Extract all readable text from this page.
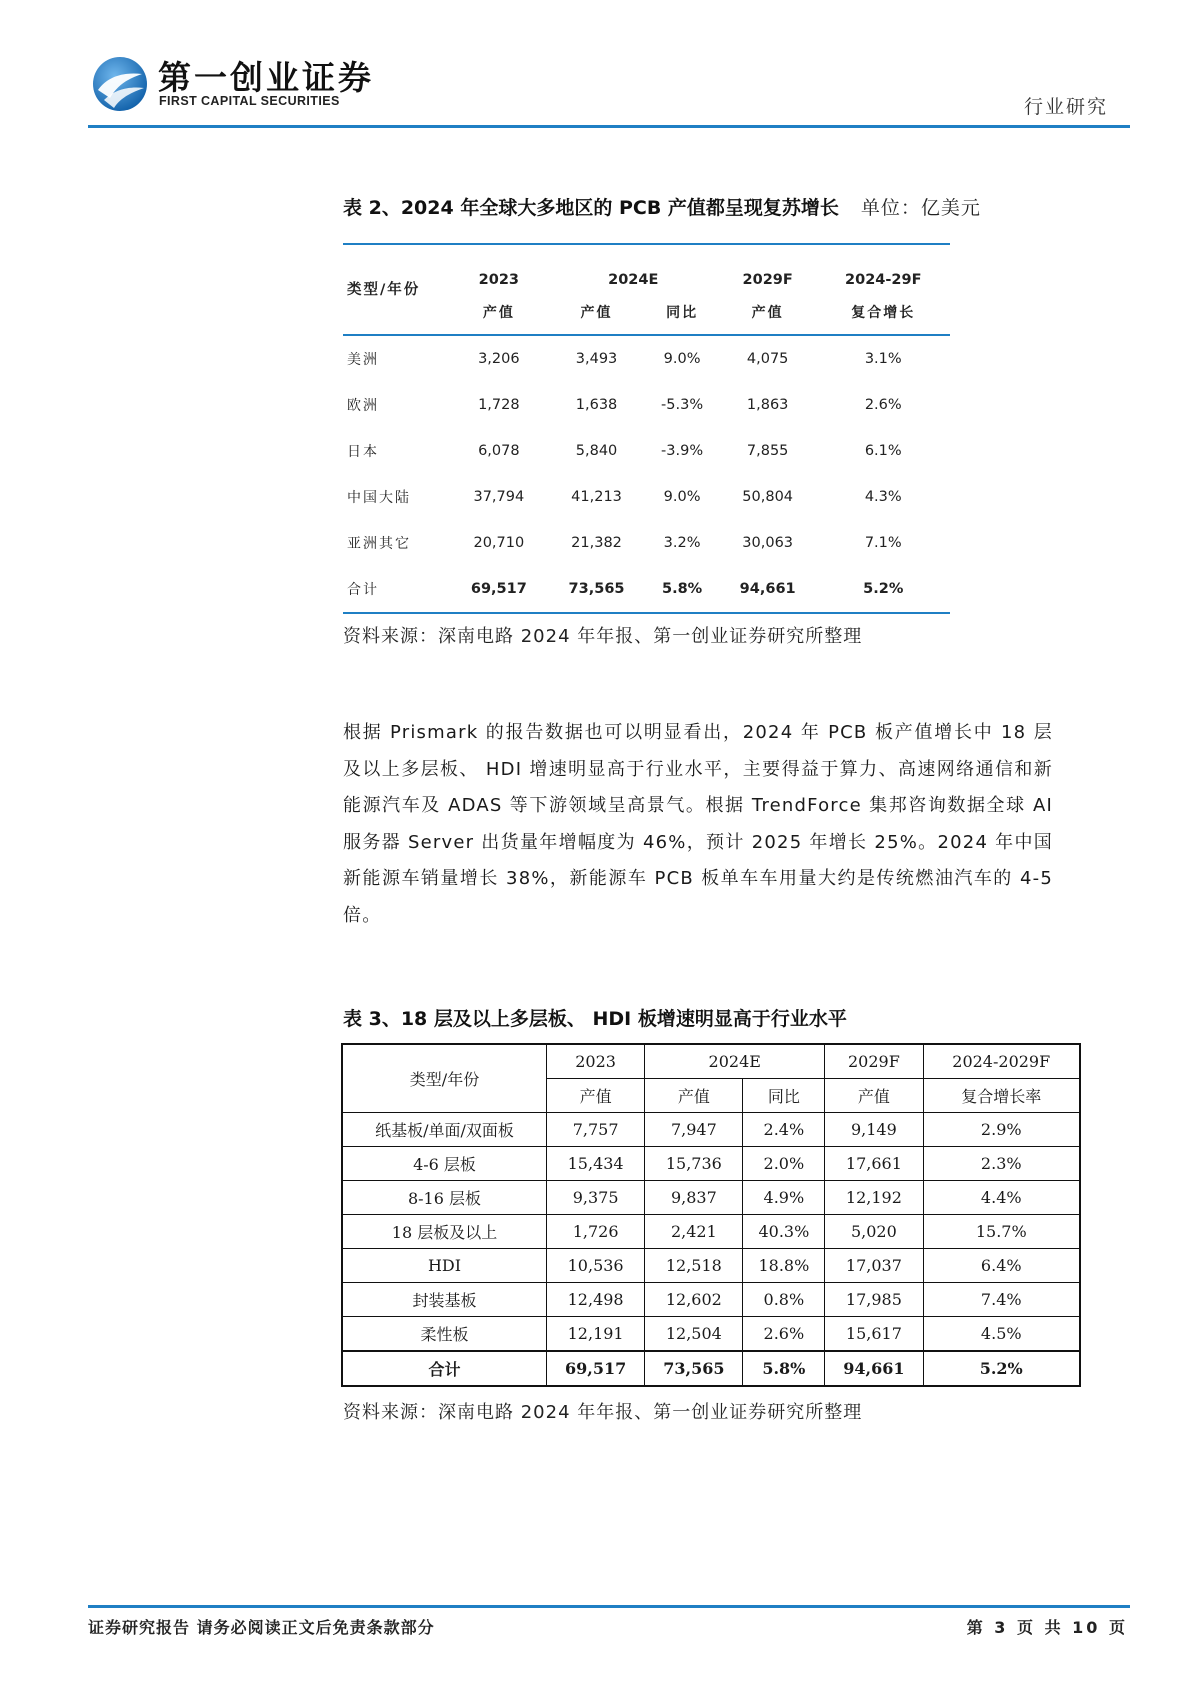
第一创业证券
FIRST CAPITAL SECURITIES	行业研究
表 2、2024 年全球大多地区的 PCB 产值都呈现复苏增长 单位：亿美元
类型/年份	2023	2024E		2029F	2024-29F
	产值	产值	同比	产值	复合增长
美洲	3,206	3,493	9.0%	4,075	3.1%
欧洲	1,728	1,638	-5.3%	1,863	2.6%
日本	6,078	5,840	-3.9%	7,855	6.1%
中国大陆	37,794	41,213	9.0%	50,804	4.3%
亚洲其它	20,710	21,382	3.2%	30,063	7.1%
合计	69,517	73,565	5.8%	94,661	5.2%
资料来源：深南电路 2024 年年报、第一创业证券研究所整理
根据 Prismark 的报告数据也可以明显看出，2024 年 PCB 板产值增长中 18 层及以上多层板、 HDI 增速明显高于行业水平，主要得益于算力、高速网络通信和新能源汽车及 ADAS 等下游领域呈高景气。根据 TrendForce 集邦咨询数据全球 AI 服务器 Server 出货量年增幅度为 46%，预计 2025 年增长 25%。2024 年中国新能源车销量增长 38%，新能源车 PCB 板单车车用量大约是传统燃油汽车的 4-5 倍。
表 3、18 层及以上多层板、 HDI 板增速明显高于行业水平
类型/年份	2023	2024E		2029F	2024-2029F
	产值	产值	同比	产值	复合增长率
纸基板/单面/双面板	7,757	7,947	2.4%	9,149	2.9%
4-6 层板	15,434	15,736	2.0%	17,661	2.3%
8-16 层板	9,375	9,837	4.9%	12,192	4.4%
18 层板及以上	1,726	2,421	40.3%	5,020	15.7%
HDI	10,536	12,518	18.8%	17,037	6.4%
封装基板	12,498	12,602	0.8%	17,985	7.4%
柔性板	12,191	12,504	2.6%	15,617	4.5%
合计	69,517	73,565	5.8%	94,661	5.2%
资料来源：深南电路 2024 年年报、第一创业证券研究所整理
证券研究报告 请务必阅读正文后免责条款部分	第 3 页 共 10 页
